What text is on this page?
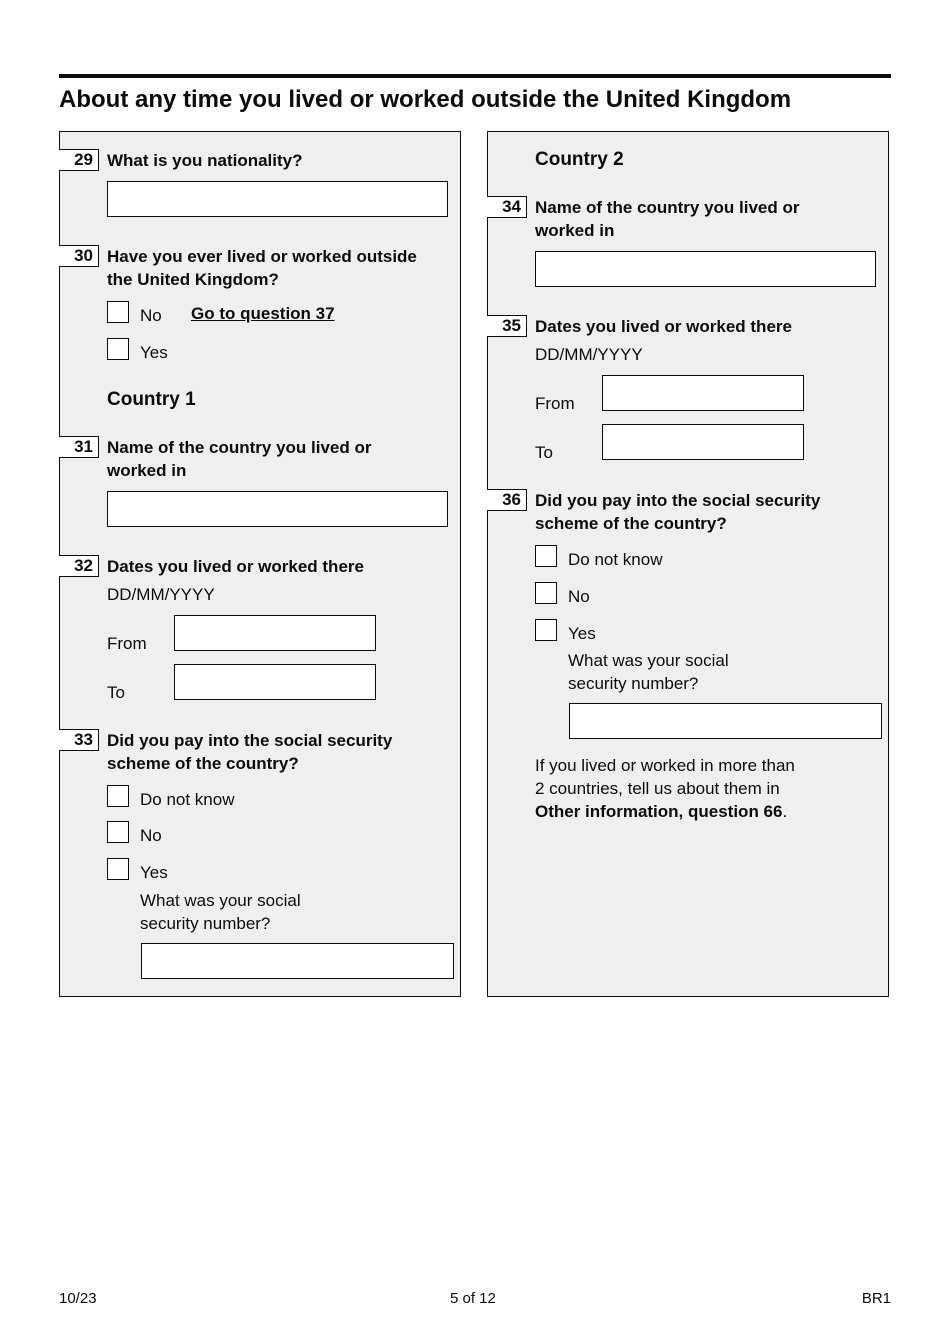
About any time you lived or worked outside the United Kingdom
29 What is you nationality?
30 Have you ever lived or worked outside
the United Kingdom?
No Go to question 37
Yes
Country 1
31 Name of the country you lived or
worked in
32 Dates you lived or worked there
DD/MM/YYYY
From
To
33 Did you pay into the social security
scheme of the country?
Do not know
No
Yes
What was your social
security number?
Country 2
34 Name of the country you lived or
worked in
35 Dates you lived or worked there
DD/MM/YYYY
From
To
36 Did you pay into the social security
scheme of the country?
Do not know
No
Yes
What was your social
security number?
If you lived or worked in more than
2 countries, tell us about them in
Other information, question 66.
10/23	5 of 12	BR1
